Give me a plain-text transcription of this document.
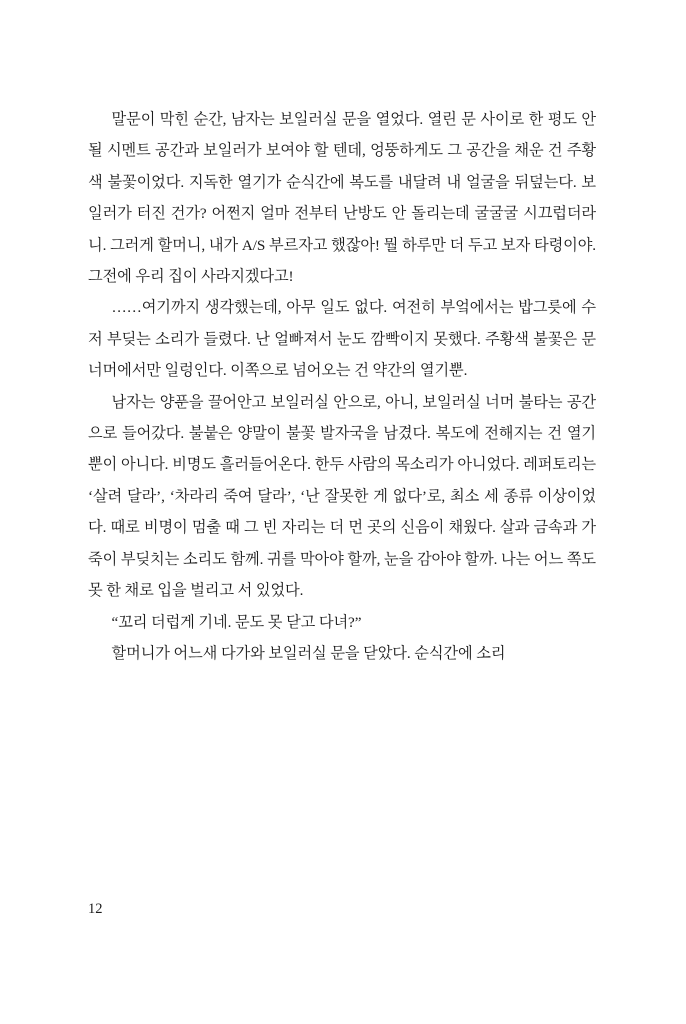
말문이 막힌 순간, 남자는 보일러실 문을 열었다. 열린 문 사이로 한 평도 안 될 시멘트 공간과 보일러가 보여야 할 텐데, 엉뚱하게도 그 공간을 채운 건 주황색 불꽃이었다. 지독한 열기가 순식간에 복도를 내달려 내 얼굴을 뒤덮는다. 보일러가 터진 건가? 어쩐지 얼마 전부터 난방도 안 돌리는데 굴굴굴 시끄럽더라니. 그러게 할머니, 내가 A/S 부르자고 했잖아! 뭘 하루만 더 두고 보자 타령이야. 그전에 우리 집이 사라지겠다고!

……여기까지 생각했는데, 아무 일도 없다. 여전히 부엌에서는 밥그릇에 수저 부딪는 소리가 들렸다. 난 얼빠져서 눈도 깜빡이지 못했다. 주황색 불꽃은 문 너머에서만 일렁인다. 이쪽으로 넘어오는 건 약간의 열기뿐.

남자는 양푼을 끌어안고 보일러실 안으로, 아니, 보일러실 너머 불타는 공간으로 들어갔다. 불붙은 양말이 불꽃 발자국을 남겼다. 복도에 전해지는 건 열기뿐이 아니다. 비명도 흘러들어온다. 한두 사람의 목소리가 아니었다. 레퍼토리는 ‘살려 달라’, ‘차라리 죽여 달라’, ‘난 잘못한 게 없다’로, 최소 세 종류 이상이었다. 때로 비명이 멈출 때 그 빈 자리는 더 먼 곳의 신음이 채웠다. 살과 금속과 가죽이 부딪치는 소리도 함께. 귀를 막아야 할까, 눈을 감아야 할까. 나는 어느 쪽도 못 한 채로 입을 벌리고 서 있었다.

“꼬리 더럽게 기네. 문도 못 닫고 다녀?”

할머니가 어느새 다가와 보일러실 문을 닫았다. 순식간에 소리

12
